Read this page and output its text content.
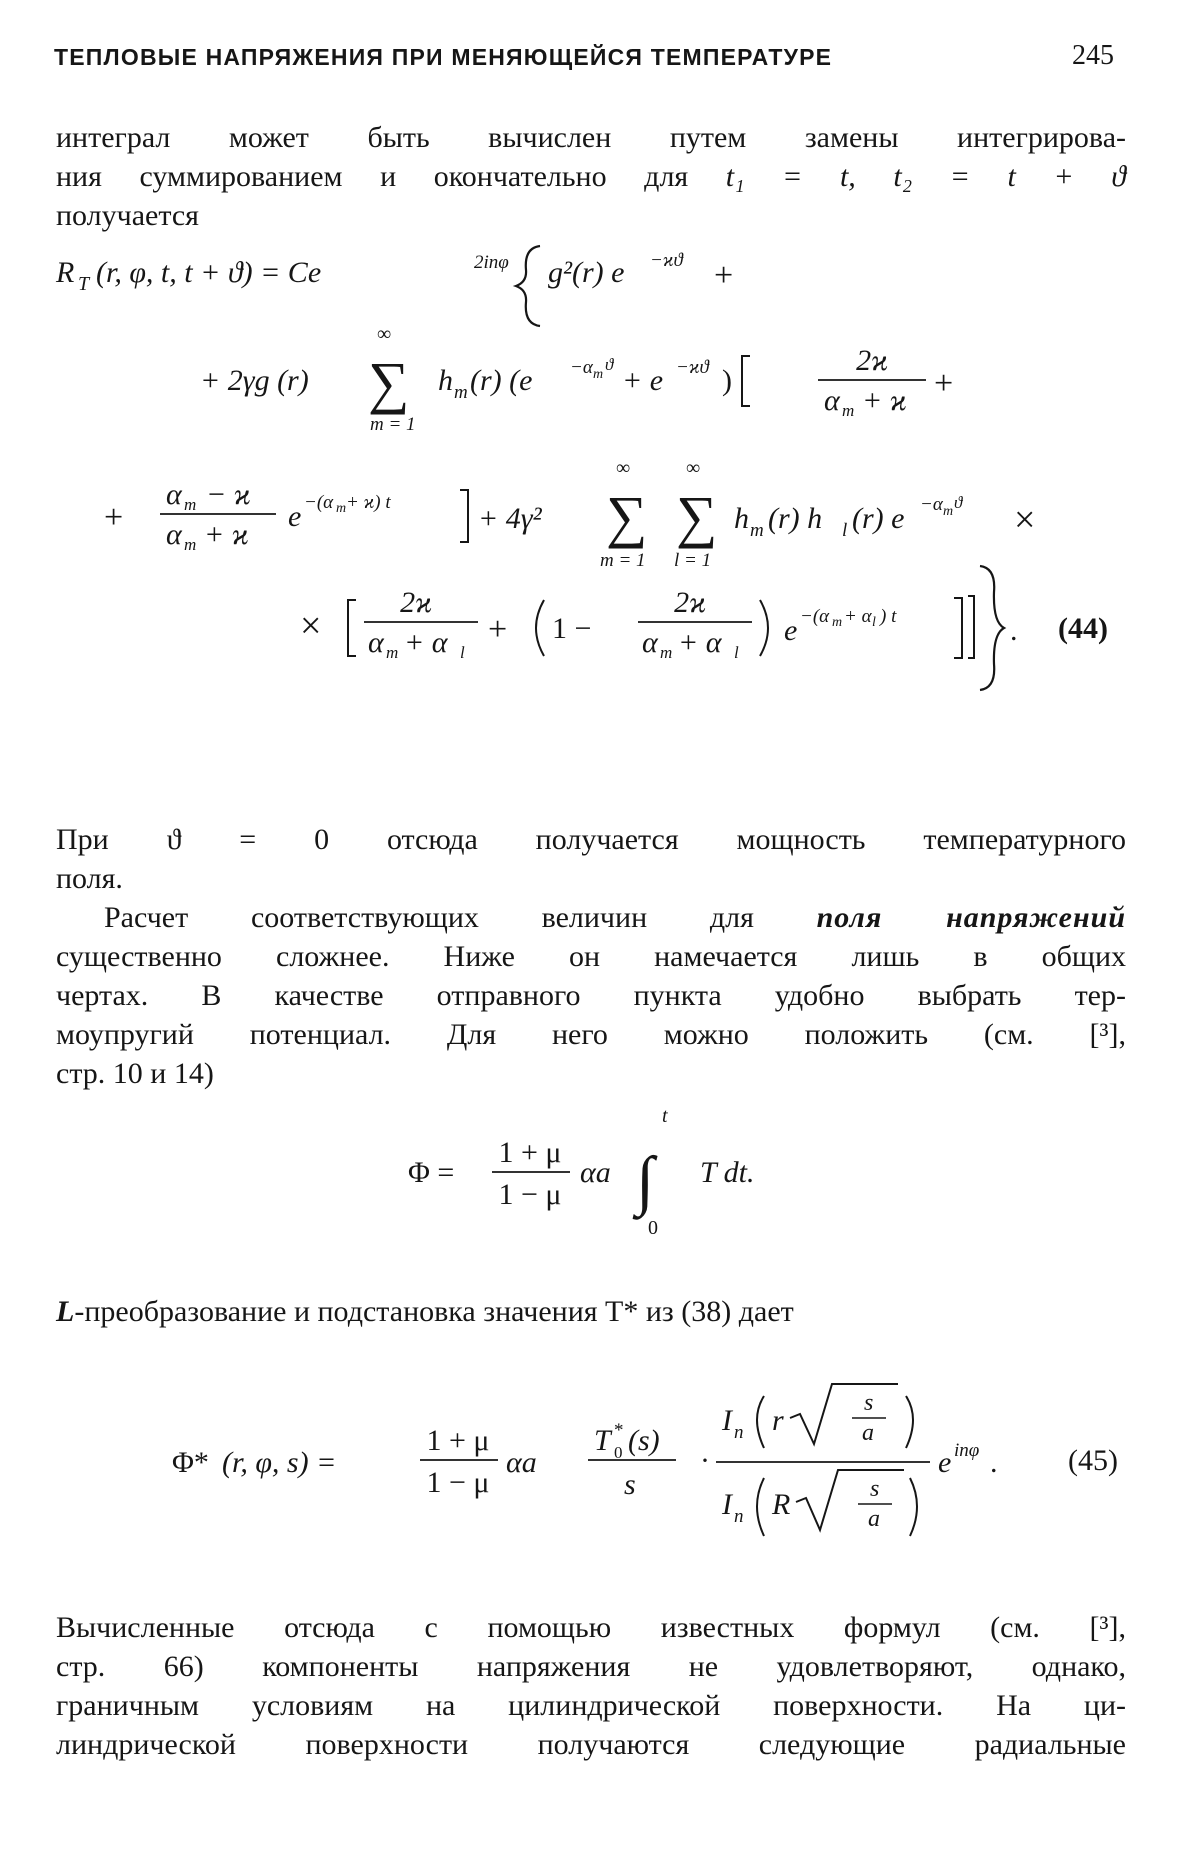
ТЕПЛОВЫЕ НАПРЯЖЕНИЯ ПРИ МЕНЯЮЩЕЙСЯ ТЕМПЕРАТУРЕ	245
интеграл может быть вычислен путем замены интегрирова-
ния суммированием и окончательно для t₁ = t, t₂ = t + ϑ
получается
R T (r, φ, t, t + ϑ) = Ce	2inφ g²(r) e −ϰϑ +
+ 2γg (r)
∞
∑
m = 1
h m (r) (e −α m
ϑ + e −ϰϑ )
2ϰ
α m + ϰ +
+
α m − ϰ
α m + ϰ
e −(α m + ϰ) t	+ 4γ²
∞
∑
m = 1
∞
∑
l = 1
h m (r) h l (r) e −α m ϑ ×
×
2ϰ
α m + α l
+ 1 −
2ϰ
α m + α l
e −(α m + α l ) t	. (44)
При ϑ = 0 отсюда получается мощность температурного
поля.
Расчет соответствующих величин для поля напряжений
существенно сложнее. Ниже он намечается лишь в общих
чертах. В качестве отправного пункта удобно выбрать тер-
моупругий потенциал. Для него можно положить (см. [³],
стр. 10 и 14)
Φ =
1 + μ
1 − μ
αa
t
∫
0
T dt.
L-преобразование и подстановка значения T* из (38) дает
Φ* (r, φ, s) =
1 + μ
1 − μ
αa
T *
0 (s)
s
·
I n r
s
a
I n R	s
a
e inφ . (45)
Вычисленные отсюда с помощью известных формул (см. [³],
стр. 66) компоненты напряжения не удовлетворяют, однако,
граничным условиям на цилиндрической поверхности. На ци-
линдрической поверхности получаются следующие радиальные
